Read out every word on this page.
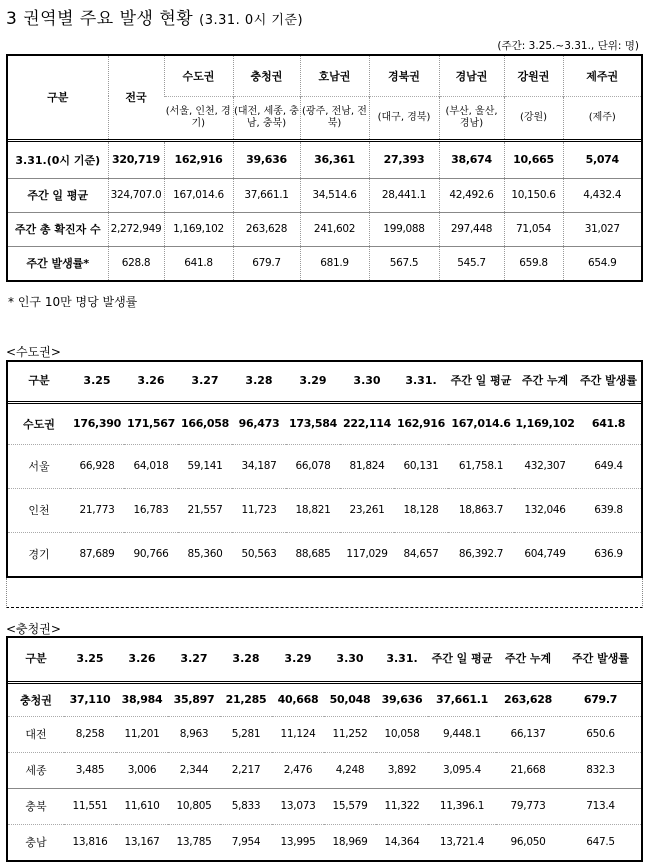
3 권역별 주요 발생 현황 (3.31. 0시 기준)
(주간: 3.25.~3.31., 단위: 명)
구분	전국	수도권	충청권	호남권	경북권	경남권	강원권	제주권
		(서울, 인천, 경기)	(대전, 세종, 충남, 충북)	(광주, 전남, 전북)	(대구, 경북)	(부산, 울산, 경남)	(강원)	(제주)
3.31.(0시 기준)	320,719	162,916	39,636	36,361	27,393	38,674	10,665	5,074
주간 일 평균	324,707.0	167,014.6	37,661.1	34,514.6	28,441.1	42,492.6	10,150.6	4,432.4
주간 총 확진자 수	2,272,949	1,169,102	263,628	241,602	199,088	297,448	71,054	31,027
주간 발생률*	628.8	641.8	679.7	681.9	567.5	545.7	659.8	654.9
* 인구 10만 명당 발생률
<수도권>
구분	3.25	3.26	3.27	3.28	3.29	3.30	3.31.	주간 일 평균	주간 누계	주간 발생률
수도권	176,390	171,567	166,058	96,473	173,584	222,114	162,916	167,014.6	1,169,102	641.8
서울	66,928	64,018	59,141	34,187	66,078	81,824	60,131	61,758.1	432,307	649.4
인천	21,773	16,783	21,557	11,723	18,821	23,261	18,128	18,863.7	132,046	639.8
경기	87,689	90,766	85,360	50,563	88,685	117,029	84,657	86,392.7	604,749	636.9
<충청권>
구분	3.25	3.26	3.27	3.28	3.29	3.30	3.31.	주간 일 평균	주간 누계	주간 발생률
충청권	37,110	38,984	35,897	21,285	40,668	50,048	39,636	37,661.1	263,628	679.7
대전	8,258	11,201	8,963	5,281	11,124	11,252	10,058	9,448.1	66,137	650.6
세종	3,485	3,006	2,344	2,217	2,476	4,248	3,892	3,095.4	21,668	832.3
충북	11,551	11,610	10,805	5,833	13,073	15,579	11,322	11,396.1	79,773	713.4
충남	13,816	13,167	13,785	7,954	13,995	18,969	14,364	13,721.4	96,050	647.5
